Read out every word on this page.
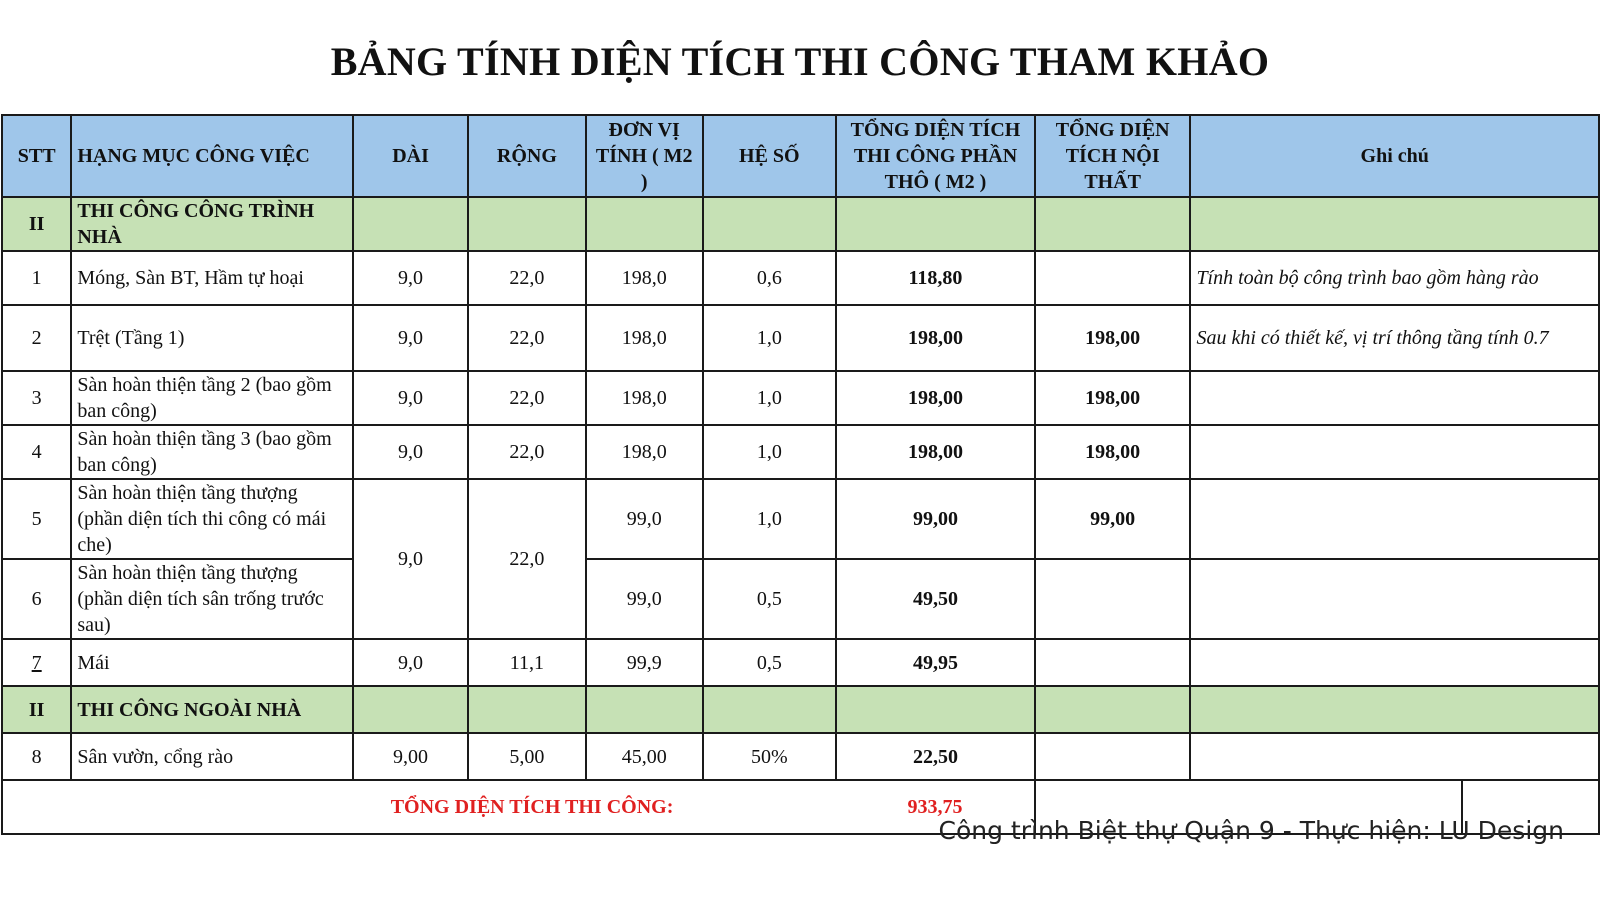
BẢNG TÍNH DIỆN TÍCH THI CÔNG THAM KHẢO
STT	HẠNG MỤC CÔNG VIỆC	DÀI	RỘNG	ĐƠN VỊ TÍNH ( M2 )	HỆ SỐ	TỔNG DIỆN TÍCH THI CÔNG PHẦN THÔ ( M2 )	TỔNG DIỆN TÍCH NỘI THẤT	Ghi chú	
II	THI CÔNG CÔNG TRÌNH NHÀ								
1	Móng, Sàn BT, Hầm tự hoại	9,0	22,0	198,0	0,6	118,80		Tính toàn bộ công trình bao gồm hàng rào	
2	Trệt (Tầng 1)	9,0	22,0	198,0	1,0	198,00	198,00	Sau khi có thiết kế, vị trí thông tầng tính 0.7	
3	Sàn hoàn thiện tầng 2 (bao gồm ban công)	9,0	22,0	198,0	1,0	198,00	198,00		
4	Sàn hoàn thiện tầng 3 (bao gồm ban công)	9,0	22,0	198,0	1,0	198,00	198,00		
5	Sàn hoàn thiện tầng thượng (phần diện tích thi công có mái che)	9,0	22,0	99,0	1,0	99,00	99,00		
6	Sàn hoàn thiện tầng thượng (phần diện tích sân trống trước sau)			99,0	0,5	49,50			
7	Mái	9,0	11,1	99,9	0,5	49,95			
II	THI CÔNG NGOÀI NHÀ								
8	Sân vườn, cổng rào	9,00	5,00	45,00	50%	22,50			
TỔNG DIỆN TÍCH THI CÔNG:						933,75			
Công trình Biệt thự Quận 9 - Thực hiện: LU Design
